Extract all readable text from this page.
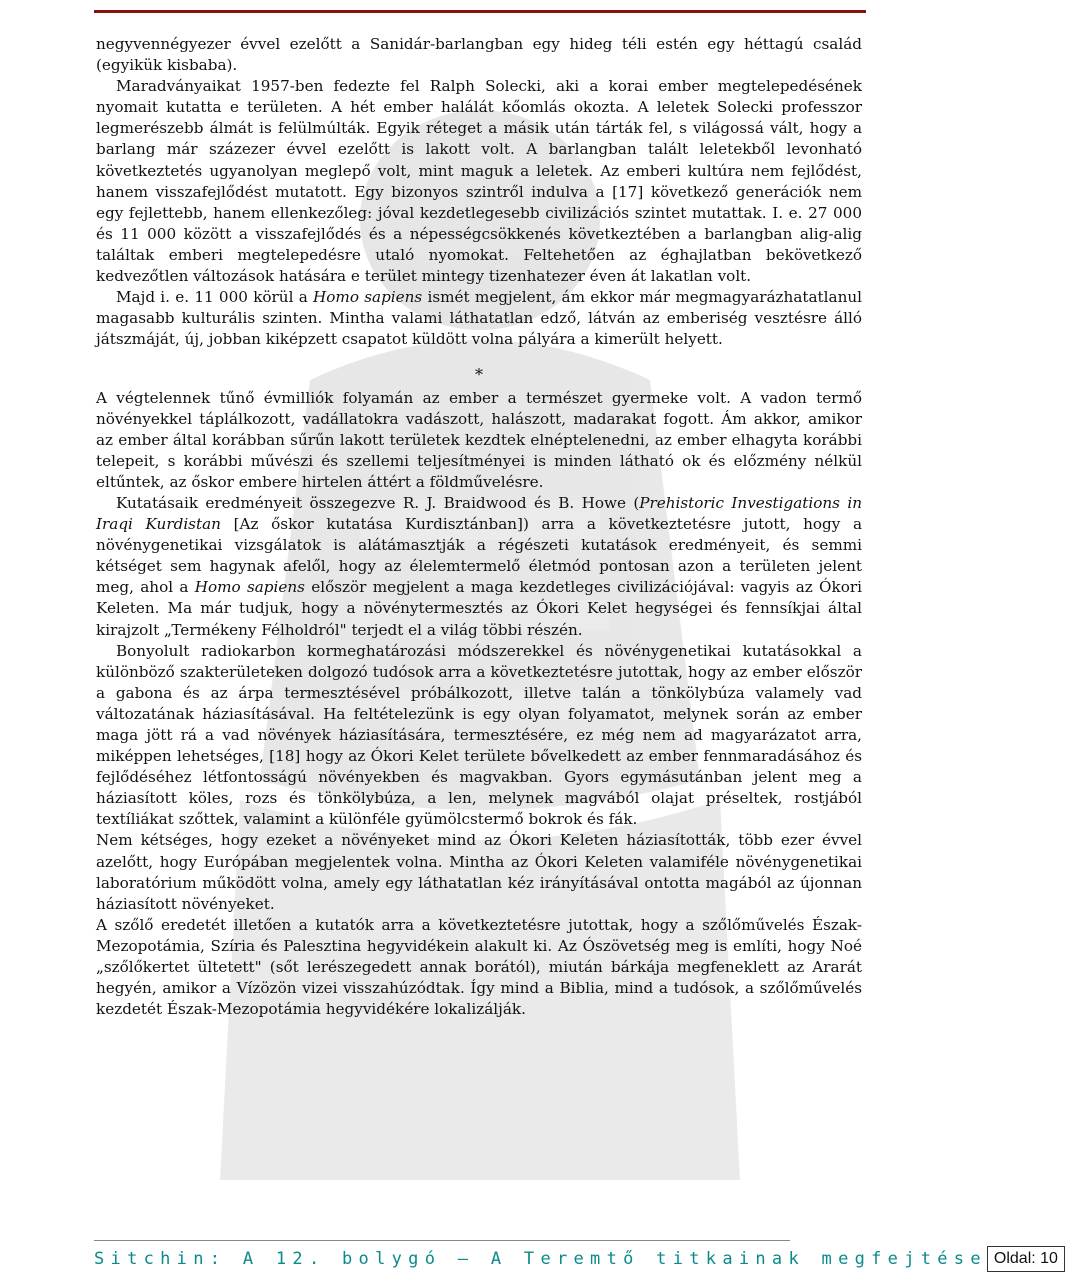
negyvennégyezer évvel ezelőtt a Sanidár-barlangban egy hideg téli estén egy héttagú család (egyikük kisbaba).

Maradványaikat 1957-ben fedezte fel Ralph Solecki, aki a korai ember megtelepedésének nyomait kutatta e területen. A hét ember halálát kőomlás okozta. A leletek Solecki professzor legmerészebb álmát is felülmúlták. Egyik réteget a másik után tárták fel, s világossá vált, hogy a barlang már százezer évvel ezelőtt is lakott volt. A barlangban talált leletekből levonható következtetés ugyanolyan meglepő volt, mint maguk a leletek. Az emberi kultúra nem fejlődést, hanem visszafejlődést mutatott. Egy bizonyos szintről indulva a [17] következő generációk nem egy fejlettebb, hanem ellenkezőleg: jóval kezdetlegesebb civilizációs szintet mutattak. I. e. 27 000 és 11 000 között a visszafejlődés és a népességcsökkenés következtében a barlangban alig-alig találtak emberi megtelepedésre utaló nyomokat. Feltehetően az éghajlatban bekövetkező kedvezőtlen változások hatására e terület mintegy tizenhatezer éven át lakatlan volt.

Majd i. e. 11 000 körül a Homo sapiens ismét megjelent, ám ekkor már megmagyarázhatatlanul magasabb kulturális szinten. Mintha valami láthatatlan edző, látván az emberiség vesztésre álló játszmáját, új, jobban kiképzett csapatot küldött volna pályára a kimerült helyett.

*

A végtelennek tűnő évmilliók folyamán az ember a természet gyermeke volt. A vadon termő növényekkel táplálkozott, vadállatokra vadászott, halászott, madarakat fogott. Ám akkor, amikor az ember által korábban sűrűn lakott területek kezdtek elnéptelenedni, az ember elhagyta korábbi telepeit, s korábbi művészi és szellemi teljesítményei is minden látható ok és előzmény nélkül eltűntek, az őskor embere hirtelen áttért a földművelésre.

Kutatásaik eredményeit összegezve R. J. Braidwood és B. Howe (Prehistoric Investigations in Iraqi Kurdistan [Az őskor kutatása Kurdisztánban]) arra a következtetésre jutott, hogy a növénygenetikai vizsgálatok is alátámasztják a régészeti kutatások eredményeit, és semmi kétséget sem hagynak afelől, hogy az élelemtermelő életmód pontosan azon a területen jelent meg, ahol a Homo sapiens először megjelent a maga kezdetleges civilizációjával: vagyis az Ókori Keleten. Ma már tudjuk, hogy a növénytermesztés az Ókori Kelet hegységei és fennsíkjai által kirajzolt „Termékeny Félholdról" terjedt el a világ többi részén.

Bonyolult radiokarbon kormeghatározási módszerekkel és növénygenetikai kutatásokkal a különböző szakterületeken dolgozó tudósok arra a következtetésre jutottak, hogy az ember először a gabona és az árpa termesztésével próbálkozott, illetve talán a tönkölybúza valamely vad változatának háziasításával. Ha feltételezünk is egy olyan folyamatot, melynek során az ember maga jött rá a vad növények háziasítására, termesztésére, ez még nem ad magyarázatot arra, miképpen lehetséges, [18] hogy az Ókori Kelet területe bővelkedett az ember fennmaradásához és fejlődéséhez létfontosságú növényekben és magvakban. Gyors egymásutánban jelent meg a háziasított köles, rozs és tönkölybúza, a len, melynek magvából olajat préseltek, rostjából textíliákat szőttek, valamint a különféle gyümölcstermő bokrok és fák.

Nem kétséges, hogy ezeket a növényeket mind az Ókori Keleten háziasították, több ezer évvel azelőtt, hogy Európában megjelentek volna. Mintha az Ókori Keleten valamiféle növénygenetikai laboratórium működött volna, amely egy láthatatlan kéz irányításával ontotta magából az újonnan háziasított növényeket.

A szőlő eredetét illetően a kutatók arra a következtetésre jutottak, hogy a szőlőművelés Észak-Mezopotámia, Szíria és Palesztina hegyvidékein alakult ki. Az Ószövetség meg is említi, hogy Noé „szőlőkertet ültetett" (sőt lerészegedett annak borától), miután bárkája megfeneklett az Ararát hegyén, amikor a Vízözön vizei visszahúzódtak. Így mind a Biblia, mind a tudósok, a szőlőművelés kezdetét Észak-Mezopotámia hegyvidékére lokalizálják.

Sitchin: A 12. bolygó – A Teremtő titkainak megfejtése Oldal: 10
